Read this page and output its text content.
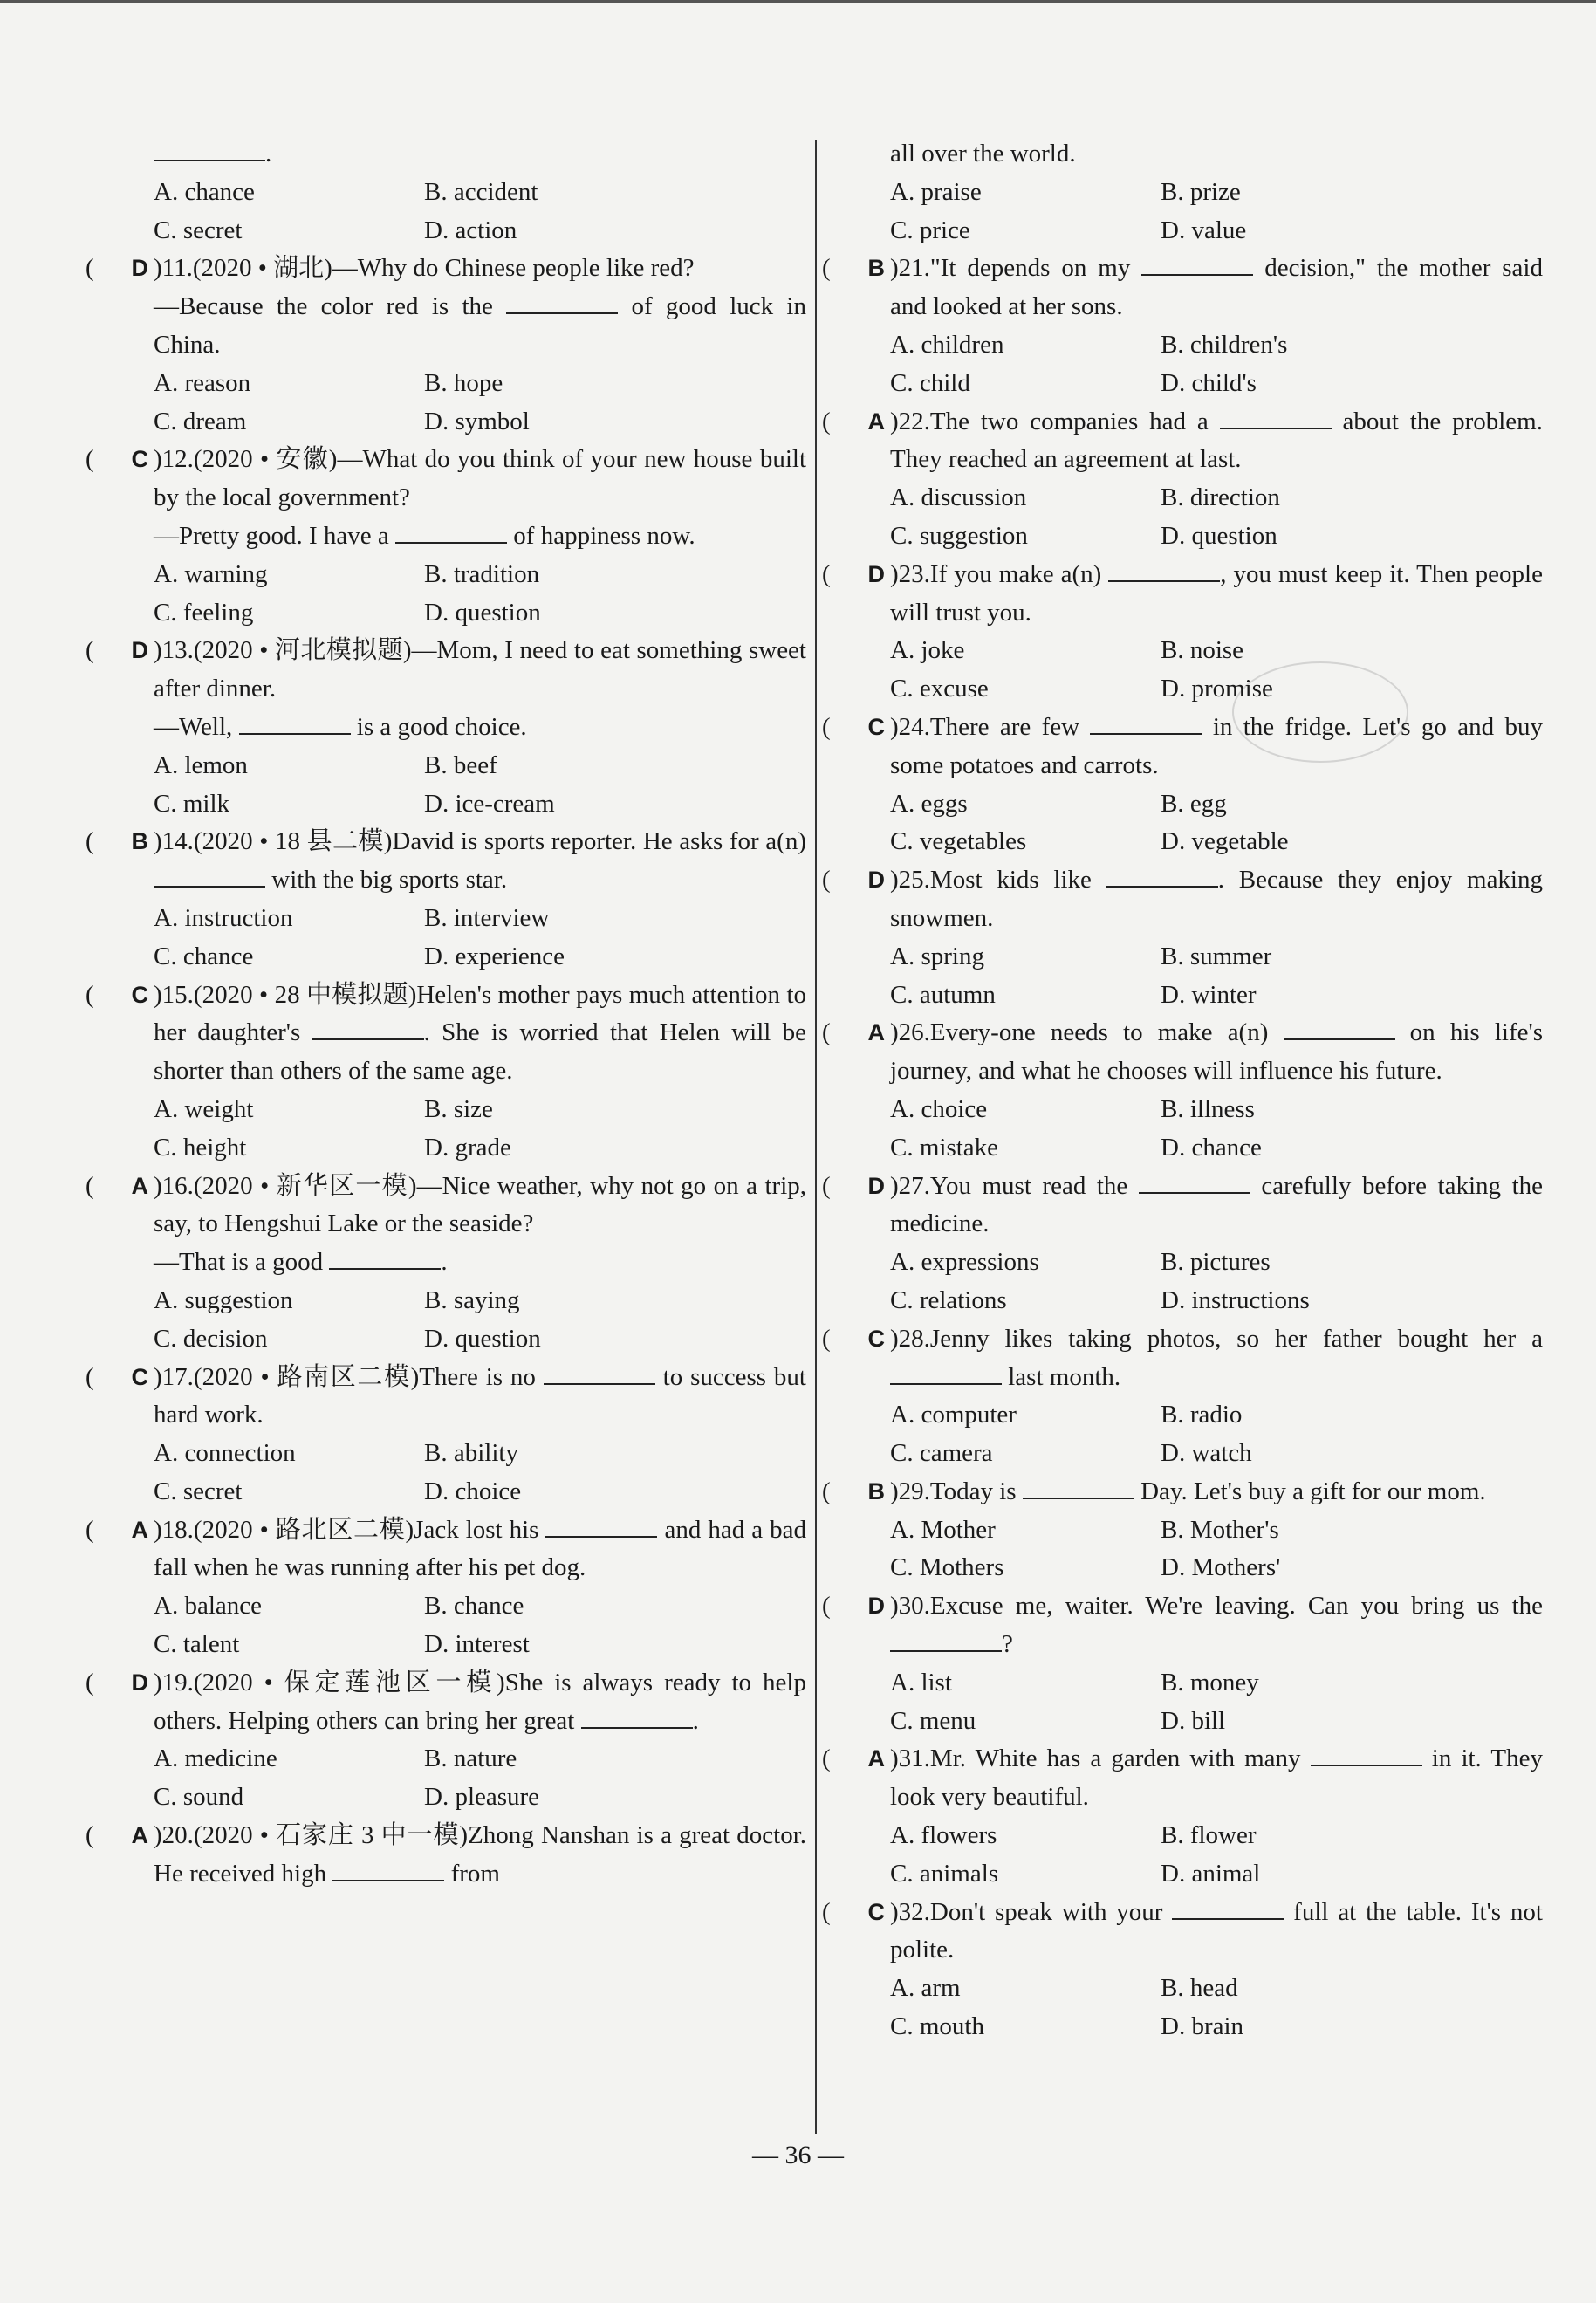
.
A. chance	B. accident
C. secret	D. action
( D )11.(2020 • 湖北)—Why do Chinese people like red?
—Because the color red is the	of good luck in China.
A. reason	B. hope
C. dream	D. symbol
( C )12.(2020 • 安徽)—What do you think of your new house built by the local government?
—Pretty good. I have a	of happiness now.
A. warning	B. tradition
C. feeling	D. question
( D )13.(2020 • 河北模拟题)—Mom, I need to eat something sweet after dinner.
—Well,	is a good choice.
A. lemon	B. beef
C. milk	D. ice-cream
( B )14.(2020 • 18 县二模)David is sports reporter. He asks for a(n)  with the big sports star.
A. instruction	B. interview
C. chance	D. experience
( C )15.(2020 • 28 中模拟题)Helen's mother pays much attention to her daughter's	. She is worried that Helen will be shorter than others of the same age.
A. weight	B. size
C. height	D. grade
( A )16.(2020 • 新华区一模)—Nice weather, why not go on a trip, say, to Hengshui Lake or the seaside?
—That is a good	.
A. suggestion	B. saying
C. decision	D. question
( C )17.(2020 • 路南区二模)There is no	to success but hard work.
A. connection	B. ability
C. secret	D. choice
( A )18.(2020 • 路北区二模)Jack lost his	and had a bad fall when he was running after his pet dog.
A. balance	B. chance
C. talent	D. interest
( D )19.(2020 • 保定莲池区一模)She is always ready to help others. Helping others can bring her great	.
A. medicine	B. nature
C. sound	D. pleasure
( A )20.(2020 • 石家庄 3 中一模)Zhong Nanshan is a great doctor. He received high	from
all over the world.
A. praise	B. prize
C. price	D. value
( B )21."It depends on my	decision," the mother said and looked at her sons.
A. children	B. children's
C. child	D. child's
( A )22.The two companies had a	about the problem. They reached an agreement at last.
A. discussion	B. direction
C. suggestion	D. question
( D )23.If you make a(n)	, you must keep it. Then people will trust you.
A. joke	B. noise
C. excuse	D. promise
( C )24.There are few	in the fridge. Let's go and buy some potatoes and carrots.
A. eggs	B. egg
C. vegetables	D. vegetable
( D )25.Most kids like	. Because they enjoy making snowmen.
A. spring	B. summer
C. autumn	D. winter
( A )26.Every-one needs to make a(n)	on his life's journey, and what he chooses will influence his future.
A. choice	B. illness
C. mistake	D. chance
( D )27.You must read the	carefully before taking the medicine.
A. expressions	B. pictures
C. relations	D. instructions
( C )28.Jenny likes taking photos, so her father bought her a  last month.
A. computer	B. radio
C. camera	D. watch
( B )29.Today is	Day. Let's buy a gift for our mom.
A. Mother	B. Mother's
C. Mothers	D. Mothers'
( D )30.Excuse me, waiter. We're leaving. Can you bring us the ?
A. list	B. money
C. menu	D. bill
( A )31.Mr. White has a garden with many	in it. They look very beautiful.
A. flowers	B. flower
C. animals	D. animal
( C )32.Don't speak with your	full at the table. It's not polite.
A. arm	B. head
C. mouth	D. brain
— 36 —
